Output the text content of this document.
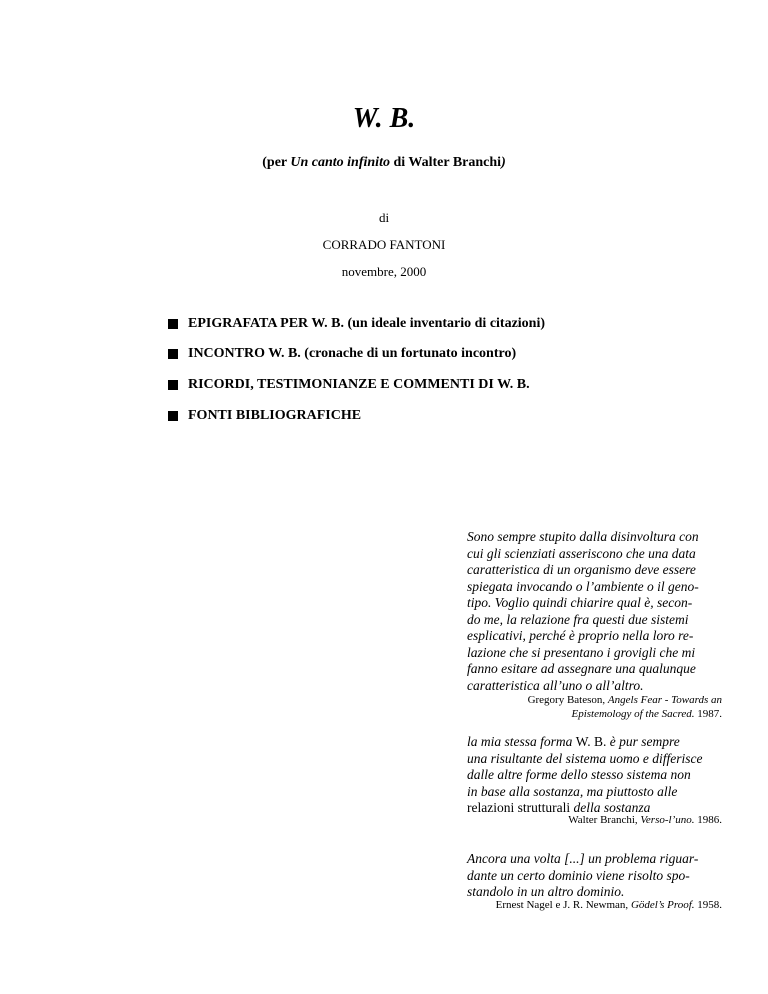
W. B.
(per Un canto infinito di Walter Branchi)
di
CORRADO FANTONI
novembre, 2000
EPIGRAFATA PER W. B. (un ideale inventario di citazioni)
INCONTRO W. B. (cronache di un fortunato incontro)
RICORDI, TESTIMONIANZE E COMMENTI DI W. B.
FONTI BIBLIOGRAFICHE
Sono sempre stupito dalla disinvoltura con
cui gli scienziati asseriscono che una data
caratteristica di un organismo deve essere
spiegata invocando o l’ambiente o il geno-
tipo. Voglio quindi chiarire qual è, secon-
do me, la relazione fra questi due sistemi
esplicativi, perché è proprio nella loro re-
lazione che si presentano i grovigli che mi
fanno esitare ad assegnare una qualunque
caratteristica all’uno o all’altro.
Gregory Bateson, Angels Fear - Towards an
Epistemology of the Sacred. 1987.
la mia stessa forma W. B. è pur sempre
una risultante del sistema uomo e differisce
dalle altre forme dello stesso sistema non
in base alla sostanza, ma piuttosto alle
relazioni strutturali della sostanza
Walter Branchi, Verso-l’uno. 1986.
Ancora una volta [...] un problema riguar-
dante un certo dominio viene risolto spo-
standolo in un altro dominio.
Ernest Nagel e J. R. Newman, Gödel’s Proof. 1958.
